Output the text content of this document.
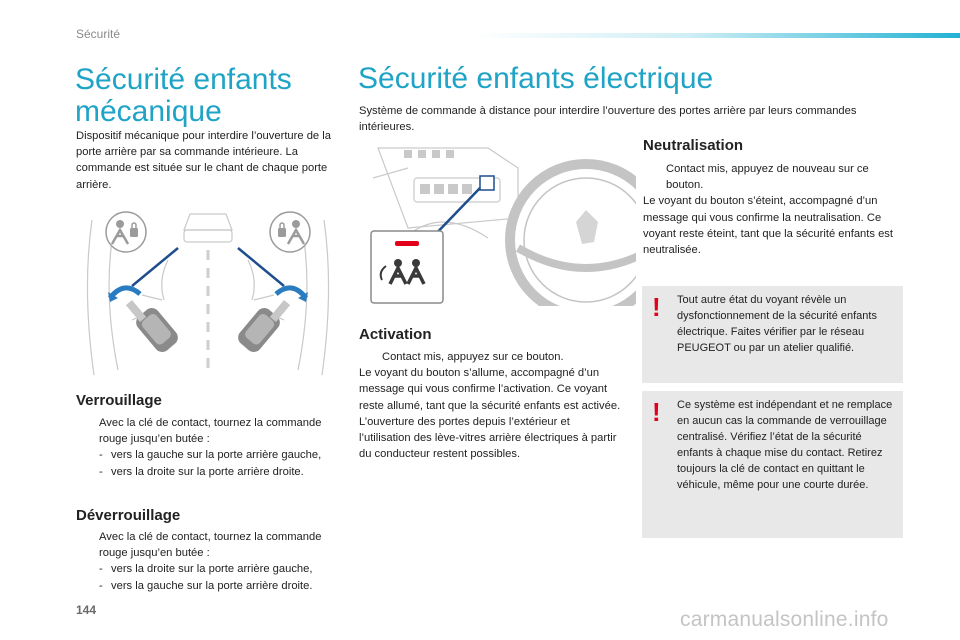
Sécurité
Sécurité enfants mécanique

Dispositif mécanique pour interdire l’ouverture de la porte arrière par sa commande intérieure. La commande est située sur le chant de chaque porte arrière.

Verrouillage
Avec la clé de contact, tournez la commande rouge jusqu’en butée :
- vers la gauche sur la porte arrière gauche,
- vers la droite sur la porte arrière droite.
Déverrouillage
Avec la clé de contact, tournez la commande rouge jusqu’en butée :
- vers la droite sur la porte arrière gauche,
- vers la gauche sur la porte arrière droite.
Sécurité enfants électrique

Système de commande à distance pour interdire l’ouverture des portes arrière par leurs commandes intérieures.

Activation
Contact mis, appuyez sur ce bouton.
Le voyant du bouton s’allume, accompagné d’un message qui vous confirme l’activation. Ce voyant reste allumé, tant que la sécurité enfants est activée. L’ouverture des portes depuis l’extérieur et l’utilisation des lève-vitres arrière électriques à partir du conducteur restent possibles.
Neutralisation
Contact mis, appuyez de nouveau sur ce bouton.
Le voyant du bouton s’éteint, accompagné d’un message qui vous confirme la neutralisation. Ce voyant reste éteint, tant que la sécurité enfants est neutralisée.
! Tout autre état du voyant révèle un dysfonctionnement de la sécurité enfants électrique. Faites vérifier par le réseau PEUGEOT ou par un atelier qualifié.
! Ce système est indépendant et ne remplace en aucun cas la commande de verrouillage centralisé. Vérifiez l’état de la sécurité enfants à chaque mise du contact. Retirez toujours la clé de contact en quittant le véhicule, même pour une courte durée.
144	carmanualsonline.info
